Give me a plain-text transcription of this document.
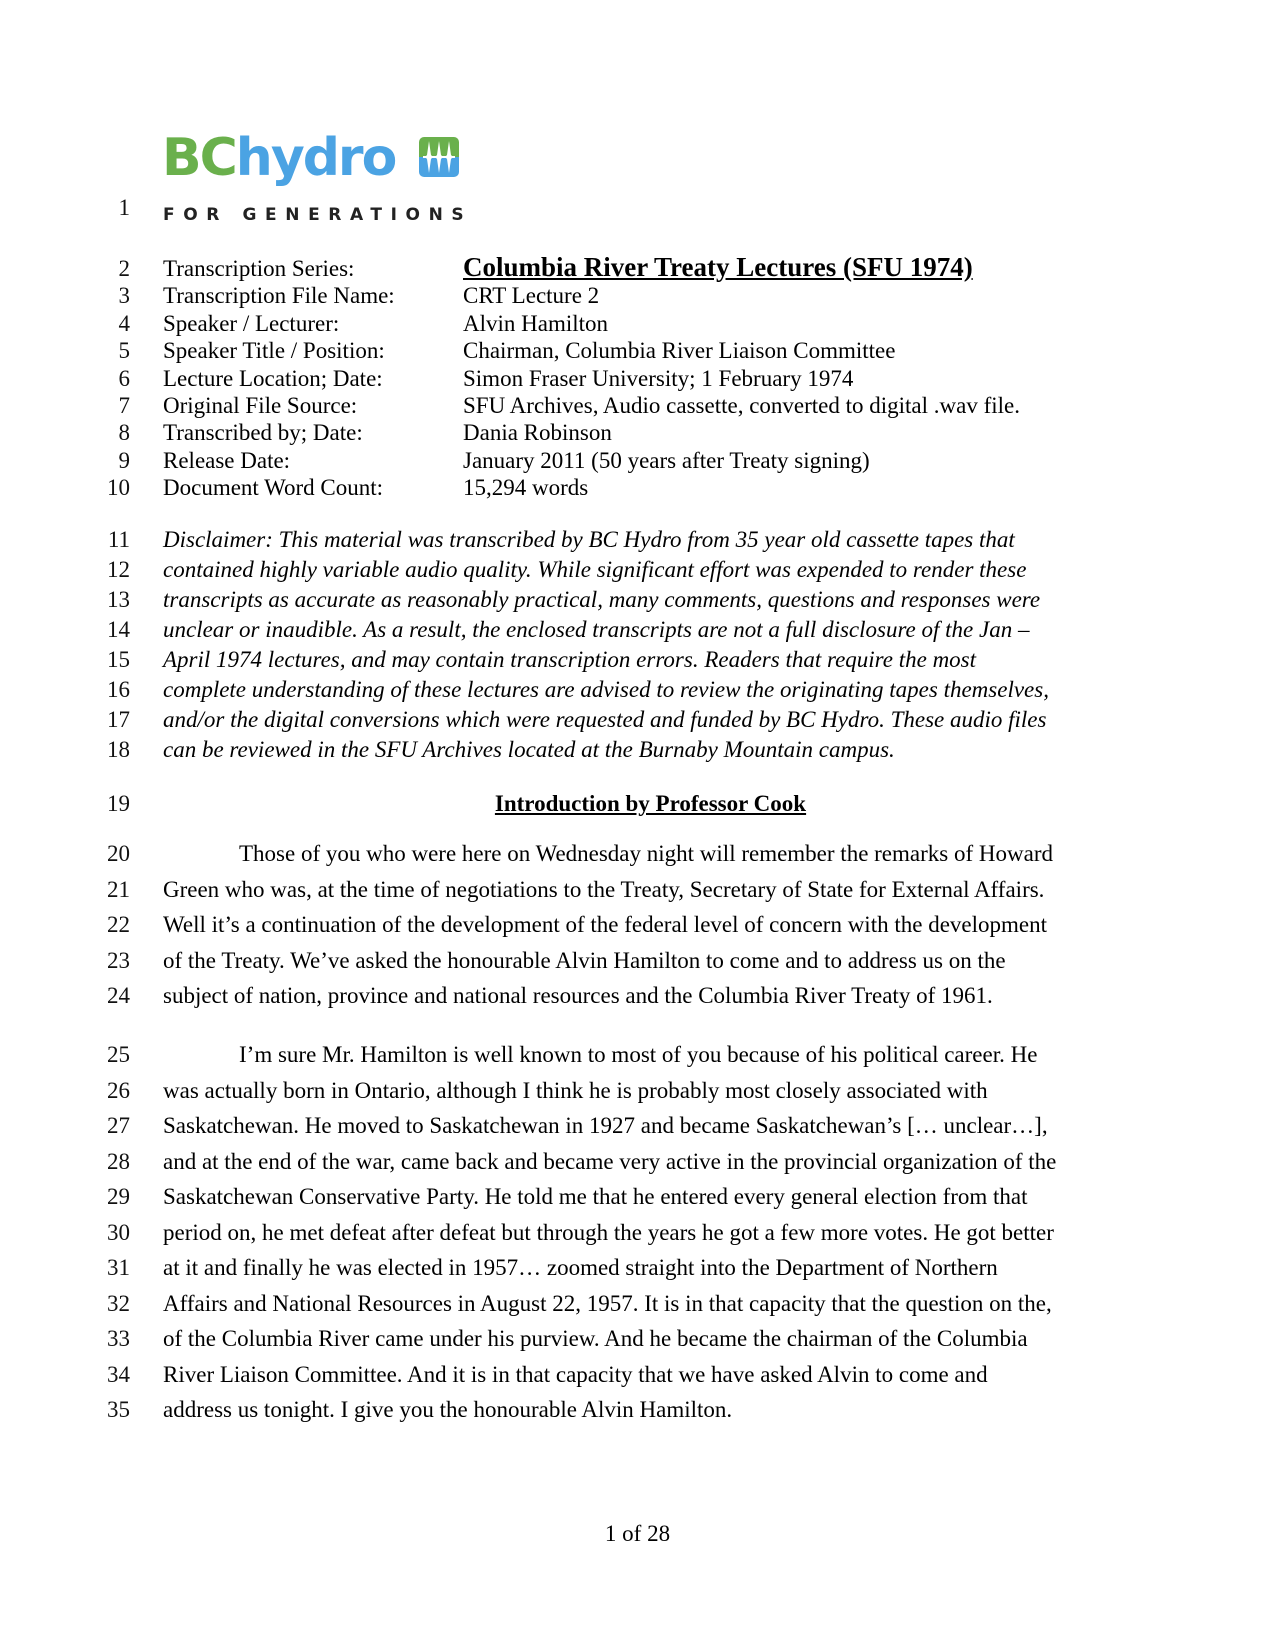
BChydro
FOR GENERATIONS
1
2
3
4
5
6
7
8
9
10
11
12
13
14
15
16
17
18
19
20
21
22
23
24
25
26
27
28
29
30
31
32
33
34
35
Transcription Series:	Columbia River Treaty Lectures (SFU 1974)
Transcription File Name:	CRT Lecture 2
Speaker / Lecturer:	Alvin Hamilton
Speaker Title / Position:	Chairman, Columbia River Liaison Committee
Lecture Location; Date:	Simon Fraser University; 1 February 1974
Original File Source:	SFU Archives, Audio cassette, converted to digital .wav file.
Transcribed by; Date:	Dania Robinson
Release Date:	January 2011 (50 years after Treaty signing)
Document Word Count:	15,294 words
Disclaimer: This material was transcribed by BC Hydro from 35 year old cassette tapes that
contained highly variable audio quality. While significant effort was expended to render these
transcripts as accurate as reasonably practical, many comments, questions and responses were
unclear or inaudible. As a result, the enclosed transcripts are not a full disclosure of the Jan –
April 1974 lectures, and may contain transcription errors. Readers that require the most
complete understanding of these lectures are advised to review the originating tapes themselves,
and/or the digital conversions which were requested and funded by BC Hydro. These audio files
can be reviewed in the SFU Archives located at the Burnaby Mountain campus.
Introduction by Professor Cook
Those of you who were here on Wednesday night will remember the remarks of Howard
Green who was, at the time of negotiations to the Treaty, Secretary of State for External Affairs.
Well it’s a continuation of the development of the federal level of concern with the development
of the Treaty. We’ve asked the honourable Alvin Hamilton to come and to address us on the
subject of nation, province and national resources and the Columbia River Treaty of 1961.
I’m sure Mr. Hamilton is well known to most of you because of his political career. He
was actually born in Ontario, although I think he is probably most closely associated with
Saskatchewan. He moved to Saskatchewan in 1927 and became Saskatchewan’s [… unclear…],
and at the end of the war, came back and became very active in the provincial organization of the
Saskatchewan Conservative Party. He told me that he entered every general election from that
period on, he met defeat after defeat but through the years he got a few more votes. He got better
at it and finally he was elected in 1957… zoomed straight into the Department of Northern
Affairs and National Resources in August 22, 1957. It is in that capacity that the question on the,
of the Columbia River came under his purview. And he became the chairman of the Columbia
River Liaison Committee. And it is in that capacity that we have asked Alvin to come and
address us tonight. I give you the honourable Alvin Hamilton.
1 of 28
